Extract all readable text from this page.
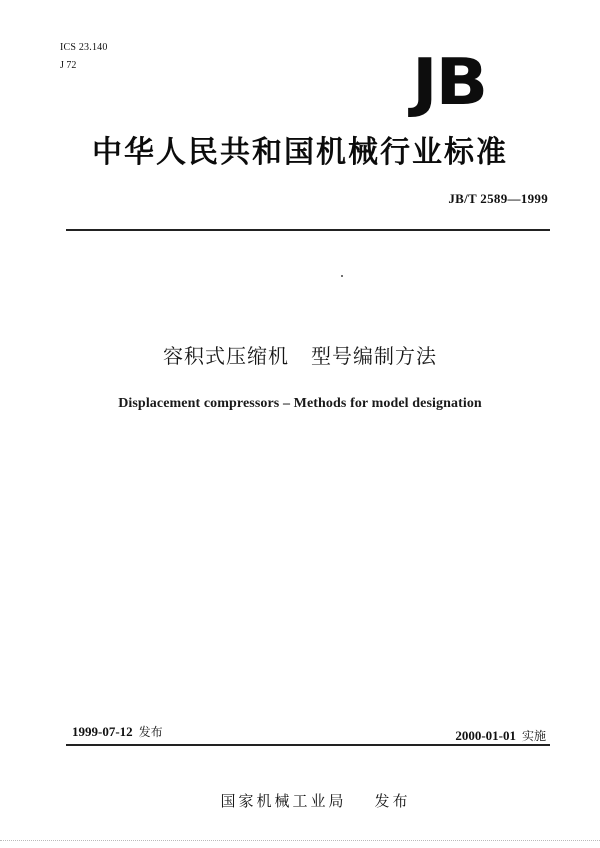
ICS 23.140
J 72	JB
中华人民共和国机械行业标准
JB/T 2589—1999
容积式压缩机   型号编制方法
Displacement compressors – Methods for model designation
1999-07-12 发布	2000-01-01 实施

国家机械工业局 发布
